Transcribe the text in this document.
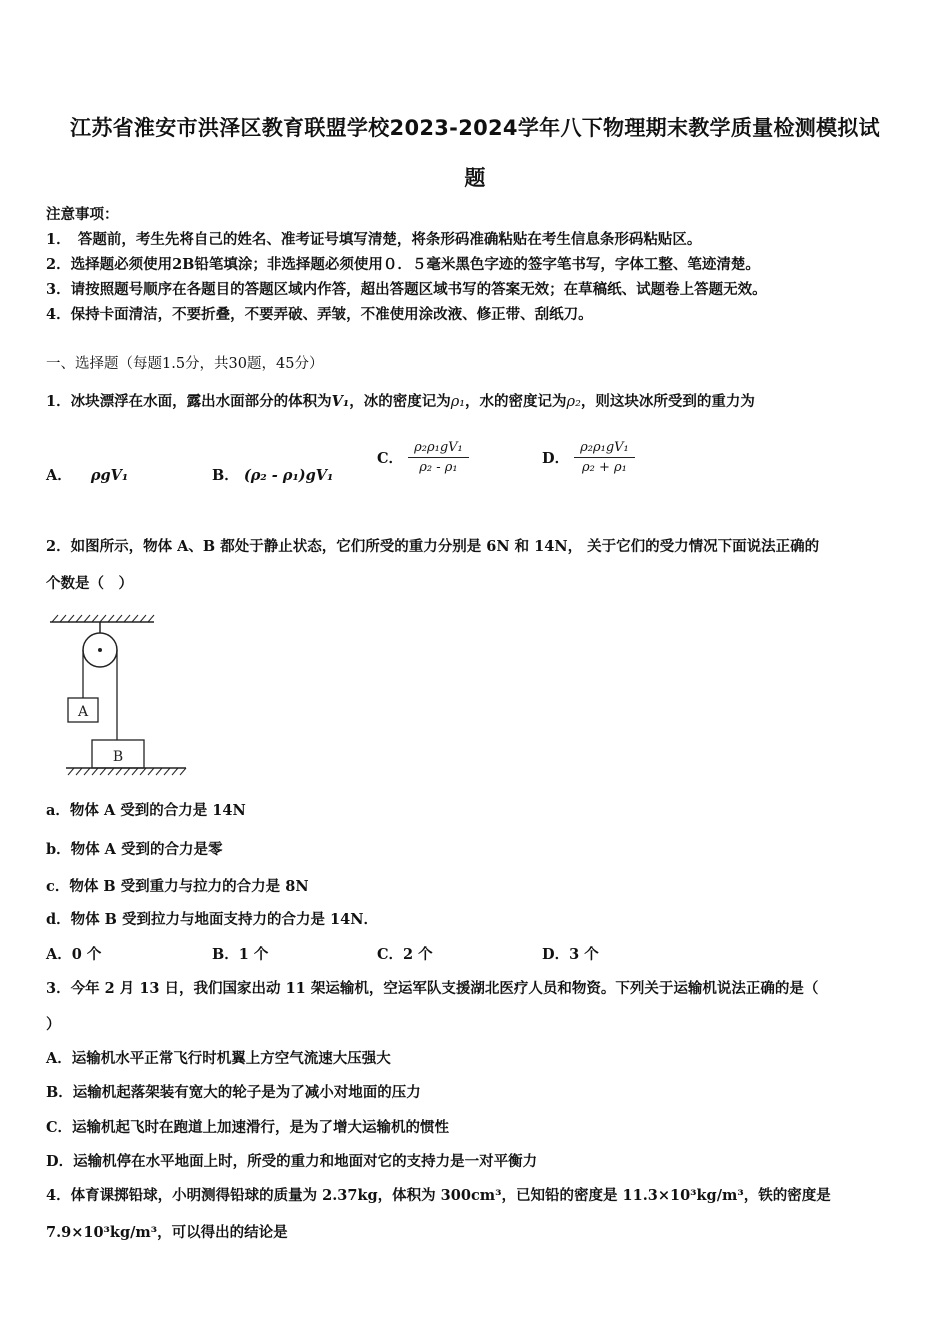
江苏省淮安市洪泽区教育联盟学校2023-2024学年八下物理期末教学质量检测模拟试
题
注意事项：
1．　答题前，考生先将自己的姓名、准考证号填写清楚，将条形码准确粘贴在考生信息条形码粘贴区。
2．选择题必须使用2B铅笔填涂；非选择题必须使用０．５毫米黑色字迹的签字笔书写，字体工整、笔迹清楚。
3．请按照题号顺序在各题目的答题区域内作答，超出答题区域书写的答案无效；在草稿纸、试题卷上答题无效。
4．保持卡面清洁，不要折叠，不要弄破、弄皱，不准使用涂改液、修正带、刮纸刀。
一、选择题（每题1.5分，共30题，45分）
1．冰块漂浮在水面，露出水面部分的体积为V₁，冰的密度记为ρ₁，水的密度记为ρ₂，则这块冰所受到的重力为
A． ρgV₁	B． (ρ₂ - ρ₁)gV₁
C． $\frac{\text{ρ₂ρ₁gV₁}}{\text{ρ₂ - ρ₁}}$	D． $\frac{\text{ρ₂ρ₁gV₁}}{\text{ρ₂ + ρ₁}}$
2．如图所示，物体 A、B 都处于静止状态，它们所受的重力分别是 6N 和 14N， 关于它们的受力情况下面说法正确的
个数是（　）
A
B
a．物体 A 受到的合力是 14N
b．物体 A 受到的合力是零
c．物体 B 受到重力与拉力的合力是 8N
d．物体 B 受到拉力与地面支持力的合力是 14N．
A．0 个	B．1 个	C．2 个	D．3 个
3．今年 2 月 13 日，我们国家出动 11 架运输机，空运军队支援湖北医疗人员和物资。下列关于运输机说法正确的是（
）
A．运输机水平正常飞行时机翼上方空气流速大压强大
B．运输机起落架装有宽大的轮子是为了减小对地面的压力
C．运输机起飞时在跑道上加速滑行，是为了增大运输机的惯性
D．运输机停在水平地面上时，所受的重力和地面对它的支持力是一对平衡力
4．体育课掷铅球，小明测得铅球的质量为 2.37kg，体积为 300cm³，已知铅的密度是 11.3×10³kg/m³，铁的密度是
7.9×10³kg/m³，可以得出的结论是
